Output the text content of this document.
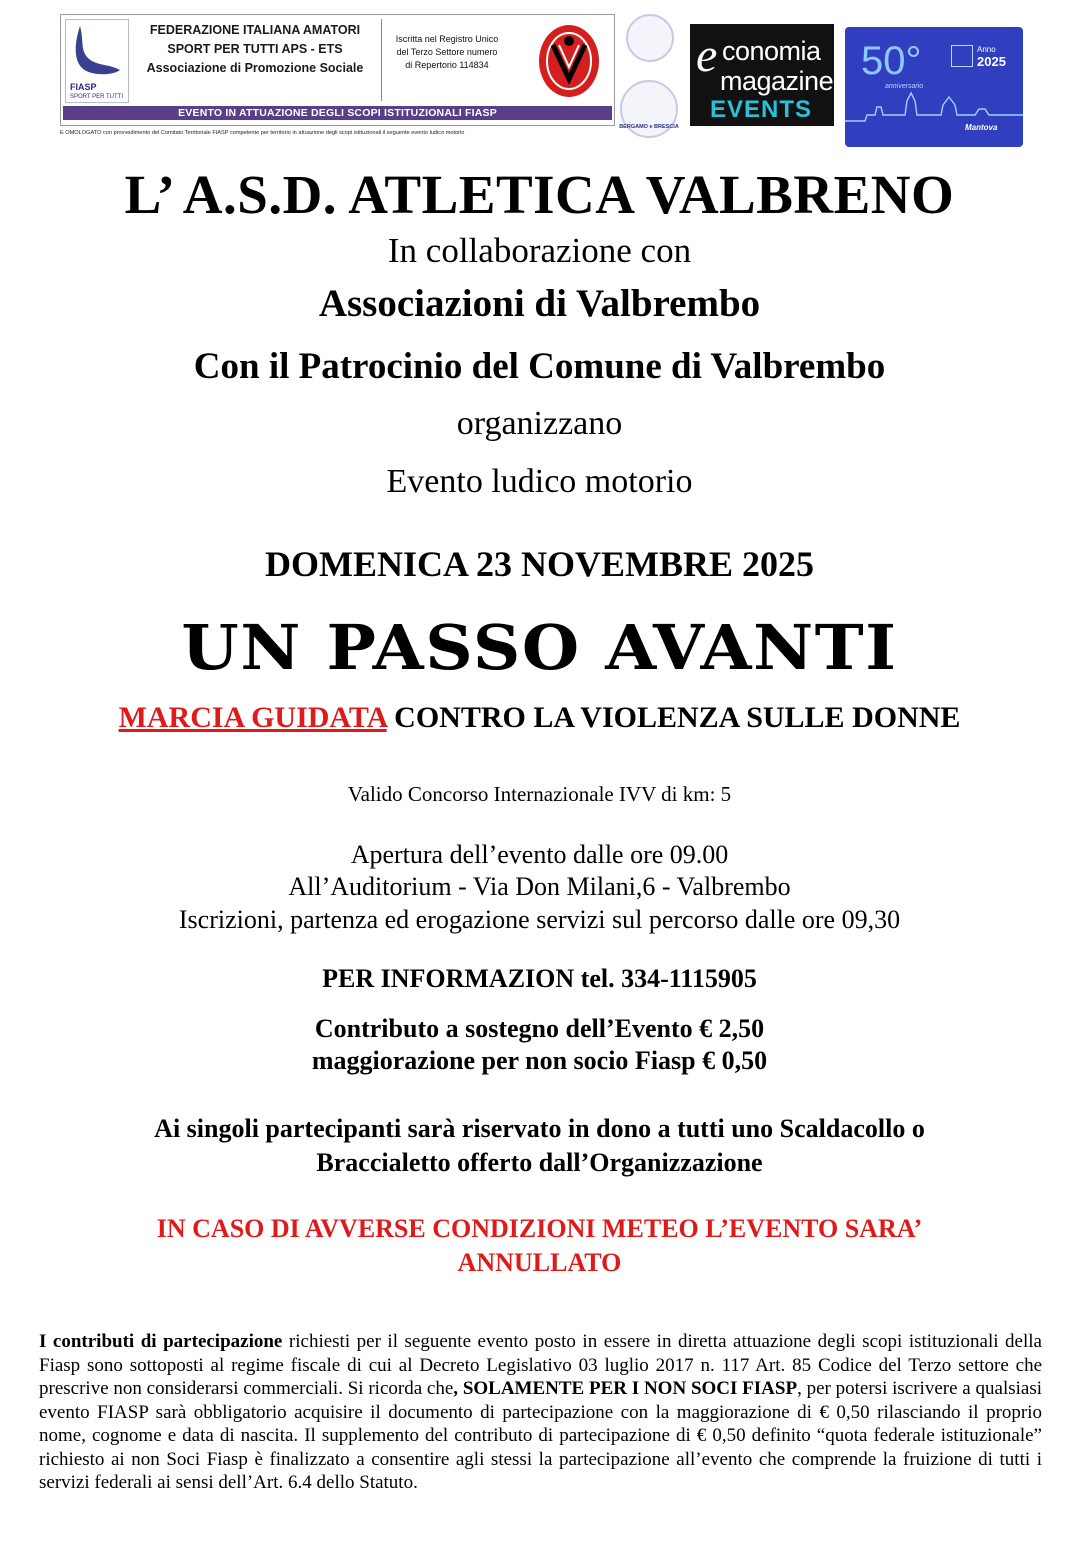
FIASP
SPORT PER TUTTI
FEDERAZIONE ITALIANA AMATORI
SPORT PER TUTTI APS - ETS
Associazione di Promozione Sociale
Iscritta nel Registro Unico
del Terzo Settore numero
di Repertorio 114834
EVENTO IN ATTUAZIONE DEGLI SCOPI ISTITUZIONALI FIASP
È OMOLOGATO con provvedimento del Comitato Territoriale FIASP competente per territorio in attuazione degli scopi istituzionali il seguente evento ludico motorio
BERGAMO e BRESCIA
e conomia
magazine
EVENTS
50°
anniversario
Anno
2025
Mantova
L’ A.S.D. ATLETICA VALBRENO
In collaborazione con
Associazioni di Valbrembo
Con il Patrocinio del Comune di Valbrembo
organizzano
Evento ludico motorio
DOMENICA 23 NOVEMBRE 2025
UN PASSO AVANTI
MARCIA GUIDATA CONTRO LA VIOLENZA SULLE DONNE
Valido Concorso Internazionale IVV di km: 5
Apertura dell’evento dalle ore 09.00
All’Auditorium - Via Don Milani,6 - Valbrembo
Iscrizioni, partenza ed erogazione servizi sul percorso dalle ore 09,30
PER INFORMAZION tel. 334-1115905
Contributo a sostegno dell’Evento € 2,50
maggiorazione per non socio Fiasp € 0,50
Ai singoli partecipanti sarà riservato in dono a tutti uno Scaldacollo o
Braccialetto offerto dall’Organizzazione
IN CASO DI AVVERSE CONDIZIONI METEO L’EVENTO SARA’
ANNULLATO
I contributi di partecipazione richiesti per il seguente evento posto in essere in diretta attuazione degli scopi istituzionali della Fiasp sono sottoposti al regime fiscale di cui al Decreto Legislativo 03 luglio 2017 n. 117 Art. 85 Codice del Terzo settore che prescrive non considerarsi commerciali. Si ricorda che, SOLAMENTE PER I NON SOCI FIASP, per potersi iscrivere a qualsiasi evento FIASP sarà obbligatorio acquisire il documento di partecipazione con la maggiorazione di € 0,50 rilasciando il proprio nome, cognome e data di nascita. Il supplemento del contributo di partecipazione di € 0,50 definito “quota federale istituzionale” richiesto ai non Soci Fiasp è finalizzato a consentire agli stessi la partecipazione all’evento che comprende la fruizione di tutti i servizi federali ai sensi dell’Art. 6.4 dello Statuto.
